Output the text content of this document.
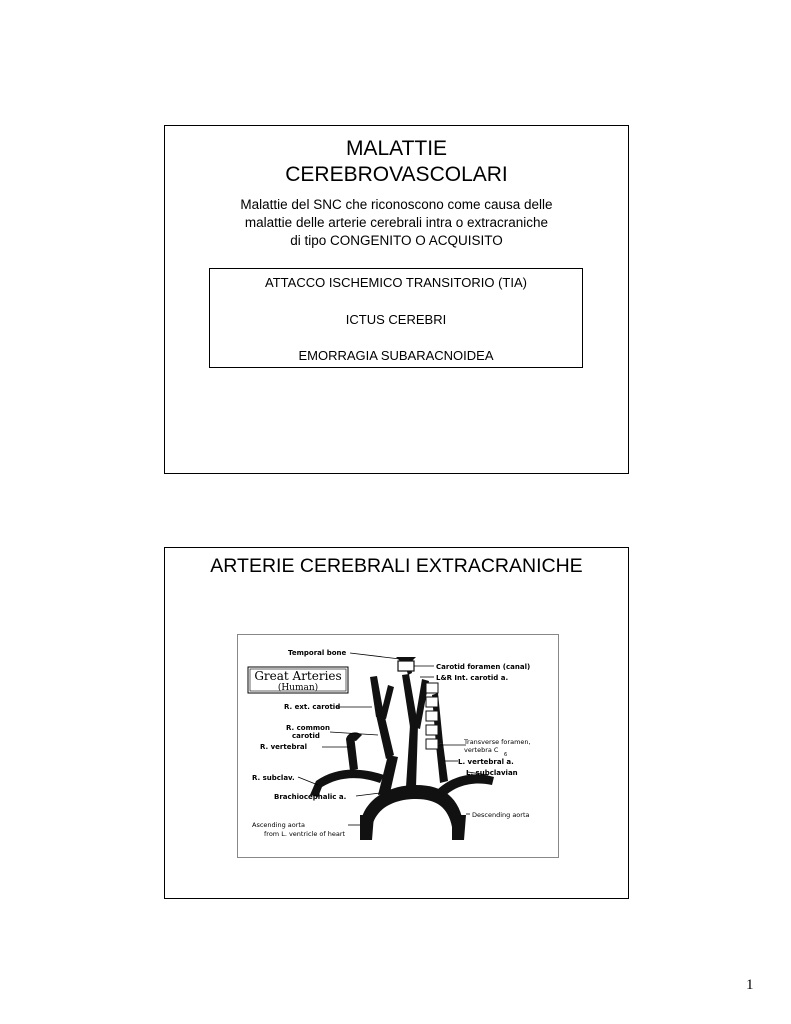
MALATTIE
CEREBROVASCOLARI
Malattie del SNC che riconoscono come causa delle
malattie delle arterie cerebrali intra o extracraniche
di tipo CONGENITO O ACQUISITO
ATTACCO ISCHEMICO TRANSITORIO (TIA)
ICTUS CEREBRI
EMORRAGIA SUBARACNOIDEA
ARTERIE CEREBRALI EXTRACRANICHE
Great Arteries
(Human)
Temporal bone
Carotid foramen (canal)
L&R Int. carotid a.
R. ext. carotid
R. common
carotid
R. vertebral
R. subclav.
Brachiocephalic a.
L. vertebral a.
L. subclavian
Transverse foramen,
vertebra C
6
Descending aorta
Ascending aorta
from L. ventricle of heart
1
